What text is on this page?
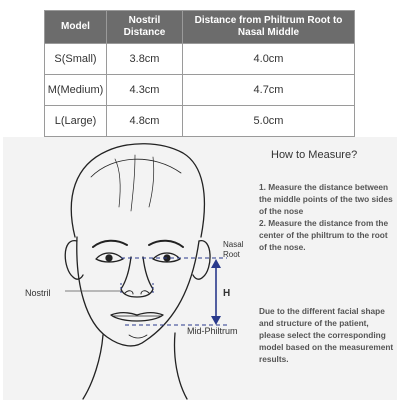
Model	Nostril Distance	Distance from Philtrum Root to Nasal Middle
S(Small)	3.8cm	4.0cm
M(Medium)	4.3cm	4.7cm
L(Large)	4.8cm	5.0cm
Nasal
Root
H
Nostril
Mid-Philtrum
How to Measure?
1. Measure the distance between the middle points of the two sides of the nose
2. Measure the distance from the center of the philtrum to the root of the nose.
Due to the different facial shape and structure of the patient, please select the corresponding model based on the measurement results.
